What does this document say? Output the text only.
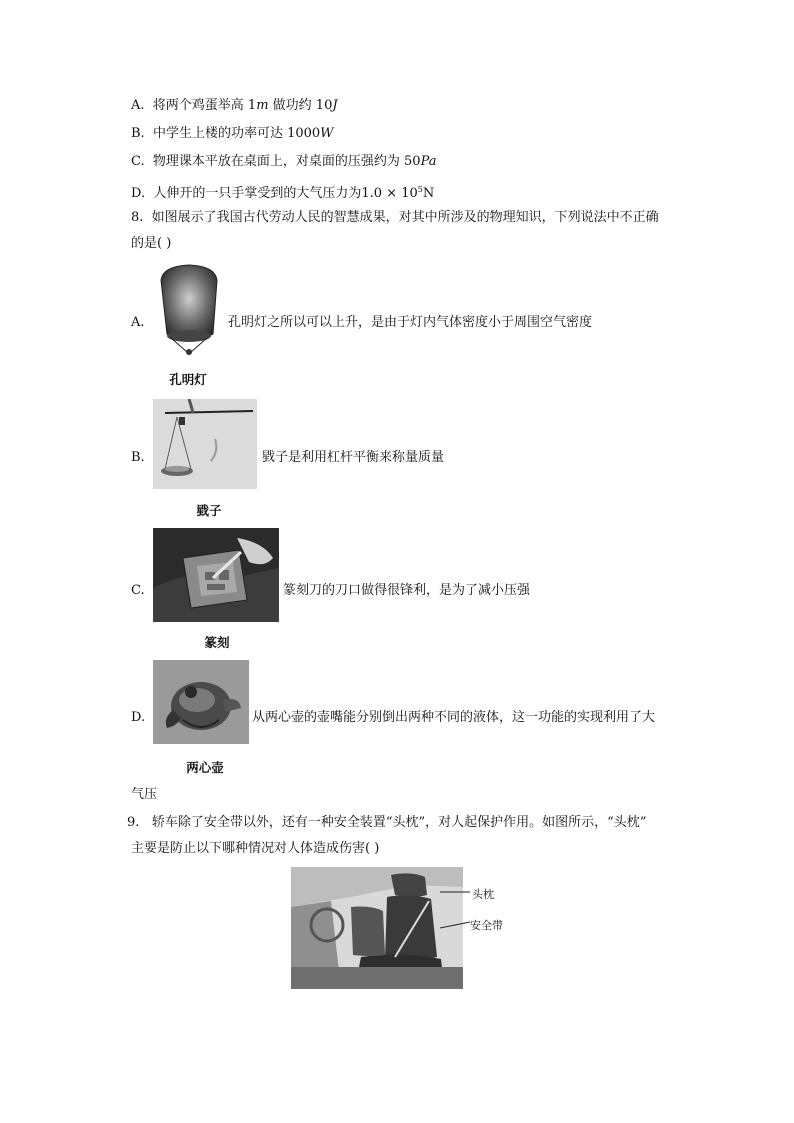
A. 将两个鸡蛋举高 1m 做功约 10J
B. 中学生上楼的功率可达 1000W
C. 物理课本平放在桌面上，对桌面的压强约为 50Pa
D. 人伸开的一只手掌受到的大气压力为$1.0 \times 10^5N$
8. 如图展示了我国古代劳动人民的智慧成果，对其中所涉及的物理知识，下列说法中不正确
的是( )
A.	孔明灯之所以可以上升，是由于灯内气体密度小于周围空气密度
孔明灯
B.	戥子是利用杠杆平衡来称量质量
戥子
C.	篆刻刀的刀口做得很锋利，是为了减小压强
篆刻
D.	从两心壶的壶嘴能分别倒出两种不同的液体，这一功能的实现利用了大
两心壶
气压
9. 轿车除了安全带以外，还有一种安全装置“头枕”，对人起保护作用。如图所示，“头枕”
主要是防止以下哪种情况对人体造成伤害( )
头枕
安全带
